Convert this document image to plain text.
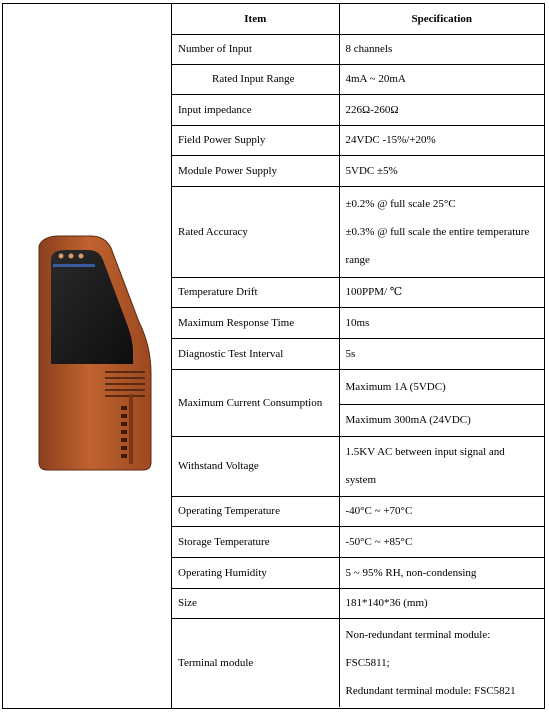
Item	Specification
Number of Input	8 channels
Rated Input Range	4mA ~ 20mA
Input impedance	226Ω-260Ω
Field Power Supply	24VDC -15%/+20%
Module Power Supply	5VDC ±5%
Rated Accuracy	±0.2% @ full scale 25°C
±0.3% @ full scale the entire temperature
range

Temperature Drift	100PPM/ ℃
Maximum Response Time	10ms
Diagnostic Test Interval	5s
Maximum Current Consumption	Maximum 1A (5VDC)
	Maximum 300mA (24VDC)
Withstand Voltage	1.5KV AC between input signal and
system

Operating Temperature	-40°C ~ +70°C
Storage Temperature	-50°C ~ +85°C
Operating Humidity	5 ~ 95% RH, non-condensing
Size	181*140*36 (mm)
Terminal module	Non-redundant terminal module:
FSC5811;
Redundant terminal module: FSC5821
